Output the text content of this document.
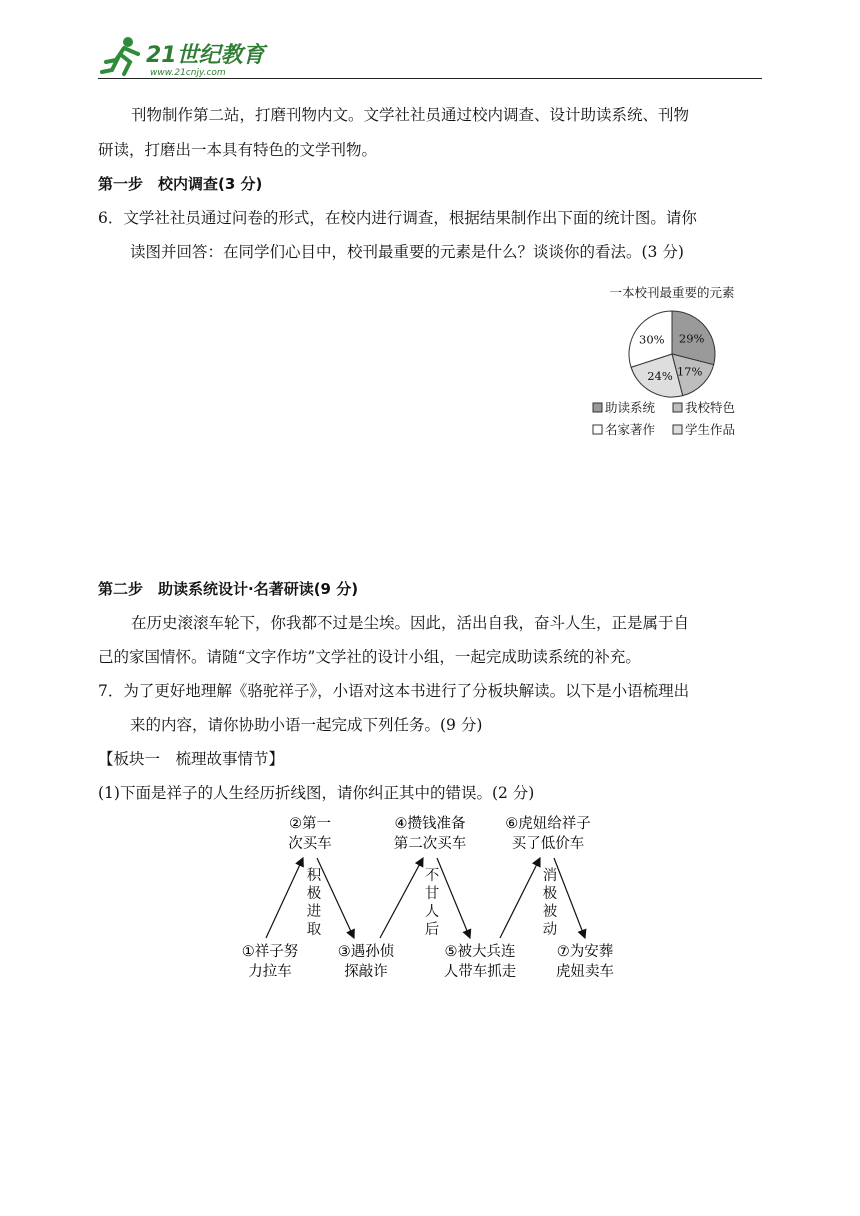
21世纪教育
www.21cnjy.com
刊物制作第二站，打磨刊物内文。文学社社员通过校内调查、设计助读系统、刊物
研读，打磨出一本具有特色的文学刊物。
第一步　校内调查(3 分)
6．文学社社员通过问卷的形式，在校内进行调查，根据结果制作出下面的统计图。请你
读图并回答：在同学们心目中，校刊最重要的元素是什么？谈谈你的看法。(3 分)
一本校刊最重要的元素
29%
17%
24%
30%
助读系统 我校特色
名家著作 学生作品
第二步　助读系统设计·名著研读(9 分)
在历史滚滚车轮下，你我都不过是尘埃。因此，活出自我，奋斗人生，正是属于自
己的家国情怀。请随“文字作坊”文学社的设计小组，一起完成助读系统的补充。
7．为了更好地理解《骆驼祥子》，小语对这本书进行了分板块解读。以下是小语梳理出
来的内容，请你协助小语一起完成下列任务。(9 分)
【板块一　梳理故事情节】
(1)下面是祥子的人生经历折线图，请你纠正其中的错误。(2 分)
②第一
次买车
④攒钱准备
第二次买车
⑥虎妞给祥子
买了低价车
①祥子努
力拉车
③遇孙侦
探敲诈
⑤被大兵连
人带车抓走
⑦为安葬
虎妞卖车
积
极
进
取
不
甘
人
后
消
极
被
动
